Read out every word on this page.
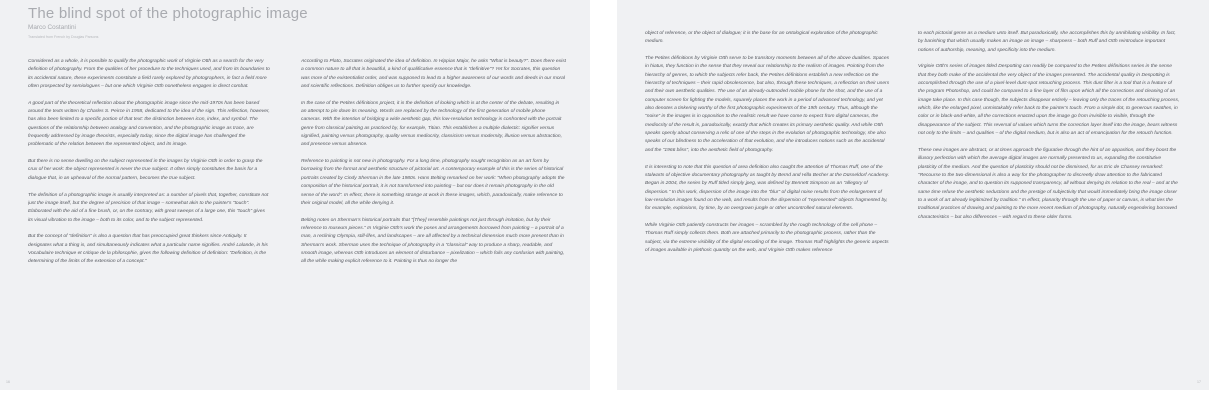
The blind spot of the photographic image
Marco Costantini
Translated from French by Douglas Parsons

Considered as a whole, it is possible to qualify the photographic work of Virginie Otth as a search for the very definition of photography. From the qualities of her procedure to the techniques used, and from its boundaries to its accidental nature, these experiments constitute a field rarely explored by photographers, in fact a field more often prospected by semiologues – but one which Virginie Otth nonetheless engages in direct combat.

A good part of the theoretical reflection about the photographic image since the mid-1970s has been based around the texts written by Charles S. Peirce in 1958, dedicated to the idea of the sign. This reflection, however, has also been limited to a specific portion of that text: the distinction between icon, index, and symbol. The questions of the relationship between analogy and convention, and the photographic image as trace, are frequently addressed by image theorists, especially today, since the digital image has challenged the problematic of the relation between the represented object, and its image.

But there is no sense dwelling on the subject represented in the images by Virginie Otth in order to grasp the crux of her work: the object represented is never the true subject. It often simply constitutes the basis for a dialogue that, in an upheaval of the normal pattern, becomes the true subject.

The definition of a photographic image is usually interpreted as: a number of pixels that, together, constitute not just the image itself, but the degree of precision of that image – somewhat akin to the painter's "touch". Elaborated with the aid of a fine brush, or, on the contrary, with great sweeps of a large one, this "touch" gives its visual vibration to the image – both to its color, and to the subject represented.

But the concept of "definition" is also a question that has preoccupied great thinkers since Antiquity. It designates what a thing is, and simultaneously indicates what a particular name signifies. André Lalande, in his Vocabulaire technique et critique de la philosophie, gives the following definition of definition: "Definition, is the determining of the limits of the extension of a concept."

According to Plato, Socrates originated the idea of definition. In Hippias Major, he asks "What is beauty?". Does there exist a common nature to all that is beautiful, a kind of qualificative essence that is "definitive"? Yet for Socrates, this question was more of the existentialist order, and was supposed to lead to a higher awareness of our words and deeds in our moral and scientific reflections. Definition obliges us to further specify our knowledge.

In the case of the Petites définitions project, it is the definition of looking which is at the center of the debate, resulting in an attempt to pin down its meaning. Words are replaced by the technology of the first generation of mobile phone cameras. With the intention of bridging a wide aesthetic gap, this low-resolution technology is confronted with the portrait genre from classical painting as practiced by, for example, Titian. This establishes a multiple dialectic: signifier versus signified, painting versus photography, quality versus mediocrity, classicism versus modernity, illusion versus abstraction, and presence versus absence.

Reference to painting is not new in photography. For a long time, photography sought recognition as an art form by borrowing from the format and aesthetic structure of pictorial art. A contemporary example of this is the series of historical portraits created by Cindy Sherman in the late 1980s. Hans Belting remarked on her work: "When photography adopts the composition of the historical portrait, it is not transformed into painting – but nor does it remain photography in the old sense of the word". In effect, there is something strange at work in these images, which, paradoxically, make reference to their original model, all the while denying it.

Belting notes on Sherman's historical portraits that "[They] resemble paintings not just through imitation, but by their reference to museum pieces." In Virginie Otth's work the poses and arrangements borrowed from painting – a portrait of a man, a reclining Olympia, still-lifes, and landscapes – are all affected by a technical dimension much more present than in Sherman's work. Sherman uses the technique of photography in a "classical" way to produce a sharp, readable, and smooth image, whereas Otth introduces an element of disturbance – pixelization – which foils any confusion with painting, all the while making explicit reference to it. Painting is thus no longer the

object of reference, or the object of dialogue; it is the base for an ontological exploration of the photographic medium.

The Petites définitions by Virginie Otth serve to be transitory moments between all of the above dualities. Spaces in hiatus, they function in the sense that they reveal our relationship to the realism of images. Pointing from the hierarchy of genres, to which the subjects refer back, the Petites définitions establish a new reflection on the hierarchy of techniques – their rapid obsolescence, but also, through these techniques, a reflection on their users and their own aesthetic qualities. The use of an already-outmoded mobile phone for the shot, and the use of a computer screen for lighting the models, squarely places the work in a period of advanced technology, and yet also denotes a tinkering worthy of the first photographic experiments of the 19th century. Thus, although the "noise" in the images is in opposition to the realistic result we have come to expect from digital cameras, the mediocrity of the result is, paradoxically, exactly that which creates its primary aesthetic quality. And while Otth speaks openly about conserving a relic of one of the steps in the evolution of photographic technology, she also speaks of our blindness to the acceleration of that evolution, and she introduces notions such as the accidental and the "1966 bliss", into the aesthetic field of photography.

It is interesting to note that this question of area definition also caught the attention of Thomas Ruff, one of the stalwarts of objective documentary photography as taught by Bernd and Hilla Becher at the Düsseldorf Academy. Began in 2004, the series by Ruff titled simply jpeg, was defined by Bennett Simpson as an "allegory of dispersion." In this work, dispersion of the image into the "blur" of digital noise results from the enlargement of low-resolution images found on the web, and results from the dispersion of "represented" objects fragmented by, for example, explosions, by time, by an overgrown jungle or other uncontrolled natural elements.

While Virginie Otth patiently constructs her images – scrambled by the rough technology of the cell phone – Thomas Ruff simply collects them. Both are attached primarily to the photographic process, rather than the subject, via the extreme visibility of the digital encoding of the image. Thomas Ruff highlights the generic aspects of images available in plethoric quantity on the web, and Virginie Otth makes reference

to each pictorial genre as a medium unto itself. But paradoxically, she accomplishes this by annihilating visibility. In fact, by banishing that which usually makes an image an image – sharpness – both Ruff and Otth reintroduce important notions of authorship, meaning, and specificity into the medium.

Virginie Otth's series of images titled Despotting can readily be compared to the Petites définitions series in the sense that they both make of the accidental the very object of the images presented. The accidental quality in Despotting is accomplished through the use of a pixel-level dust-spot retouching process. This dust filter is a tool that is a feature of the program Photoshop, and could be compared to a fine layer of film upon which all the corrections and cleaning of an image take place. In this case though, the subjects disappear entirely – leaving only the traces of the retouching process, which, like the enlarged pixel, unmistakably refer back to the painter's touch. From a simple dot, to generous swathes, in color or in black-and-white, all the corrections enacted upon the image go from invisible to visible, through the disappearance of the subject. This reversal of values which turns the correction layer itself into the image, bears witness not only to the limits – and qualities – of the digital medium, but is also an act of emancipation for the retouch function.

These new images are abstract, or at times approach the figurative through the hint of an apparition, and they boost the illusory perfection with which the average digital images are normally presented to us, expanding the constitutive plasticity of the medium. And the question of plasticity should not be dismissed, for as Eric de Chassey remarked: "Recourse to the two-dimensional is also a way for the photographer to discreetly draw attention to the fabricated character of the image, and to question its supposed transparency, all without denying its relation to the real – and at the same time refuse the aesthetic seductions and the prestige of subjectivity that would immediately bring the image closer to a work of art already legitimized by tradition." In effect, planarity through the use of paper or canvas, is what ties the traditional practices of drawing and painting to the more recent medium of photography, naturally engendering borrowed characteristics – but also differences – with regard to these older forms.

16	17
